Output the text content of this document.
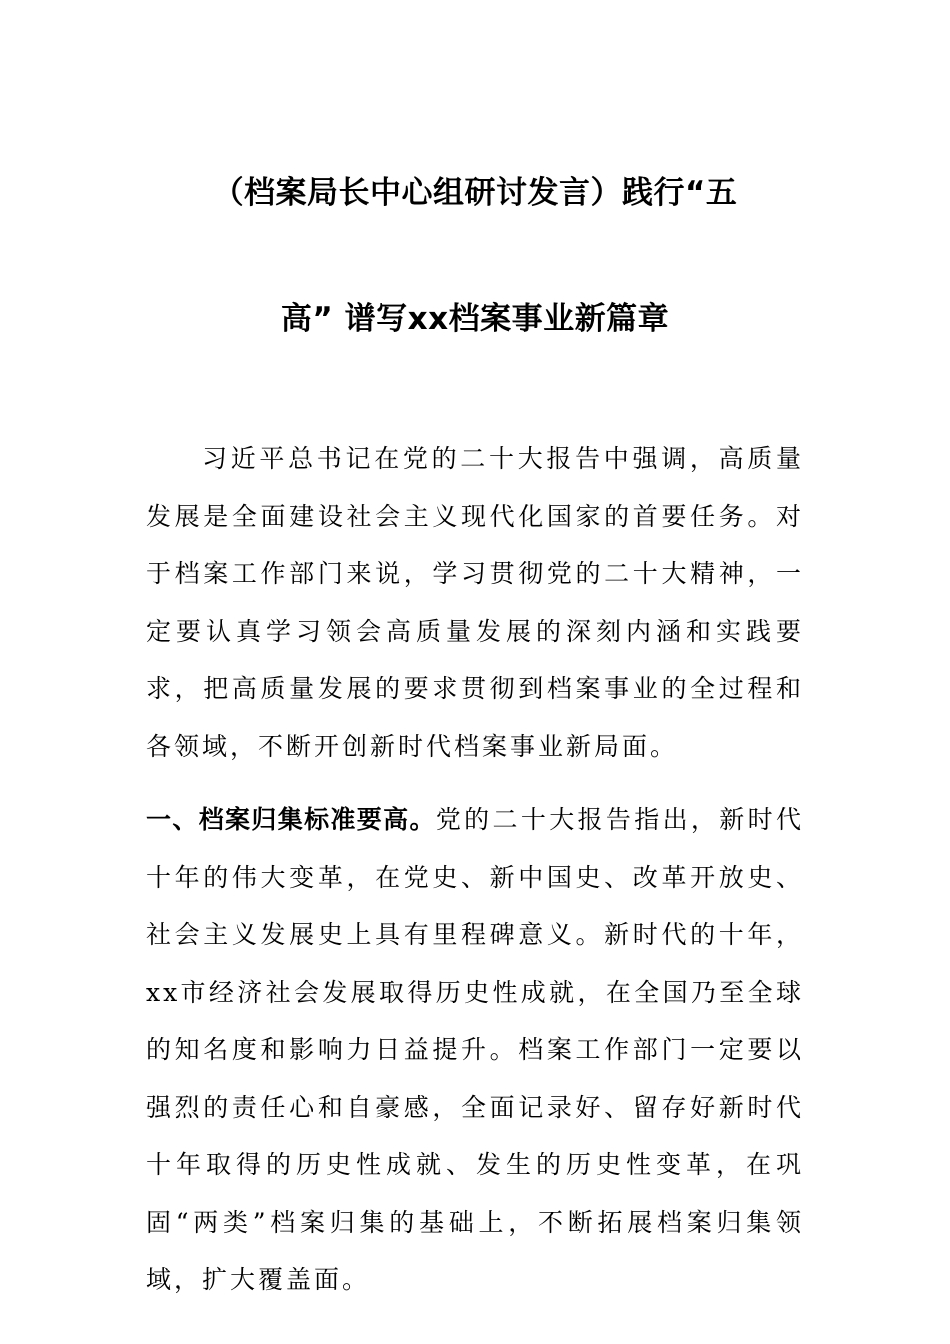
（档案局长中心组研讨发言）践行“五
高” 谱写xx档案事业新篇章

习近平总书记在党的二十大报告中强调，高质量发展是全面建设社会主义现代化国家的首要任务。对于档案工作部门来说，学习贯彻党的二十大精神，一定要认真学习领会高质量发展的深刻内涵和实践要求，把高质量发展的要求贯彻到档案事业的全过程和各领域，不断开创新时代档案事业新局面。

一、档案归集标准要高。党的二十大报告指出，新时代十年的伟大变革，在党史、新中国史、改革开放史、社会主义发展史上具有里程碑意义。新时代的十年，xx市经济社会发展取得历史性成就，在全国乃至全球的知名度和影响力日益提升。档案工作部门一定要以强烈的责任心和自豪感，全面记录好、留存好新时代十年取得的历史性成就、发生的历史性变革，在巩固“两类”档案归集的基础上，不断拓展档案归集领域，扩大覆盖面。
